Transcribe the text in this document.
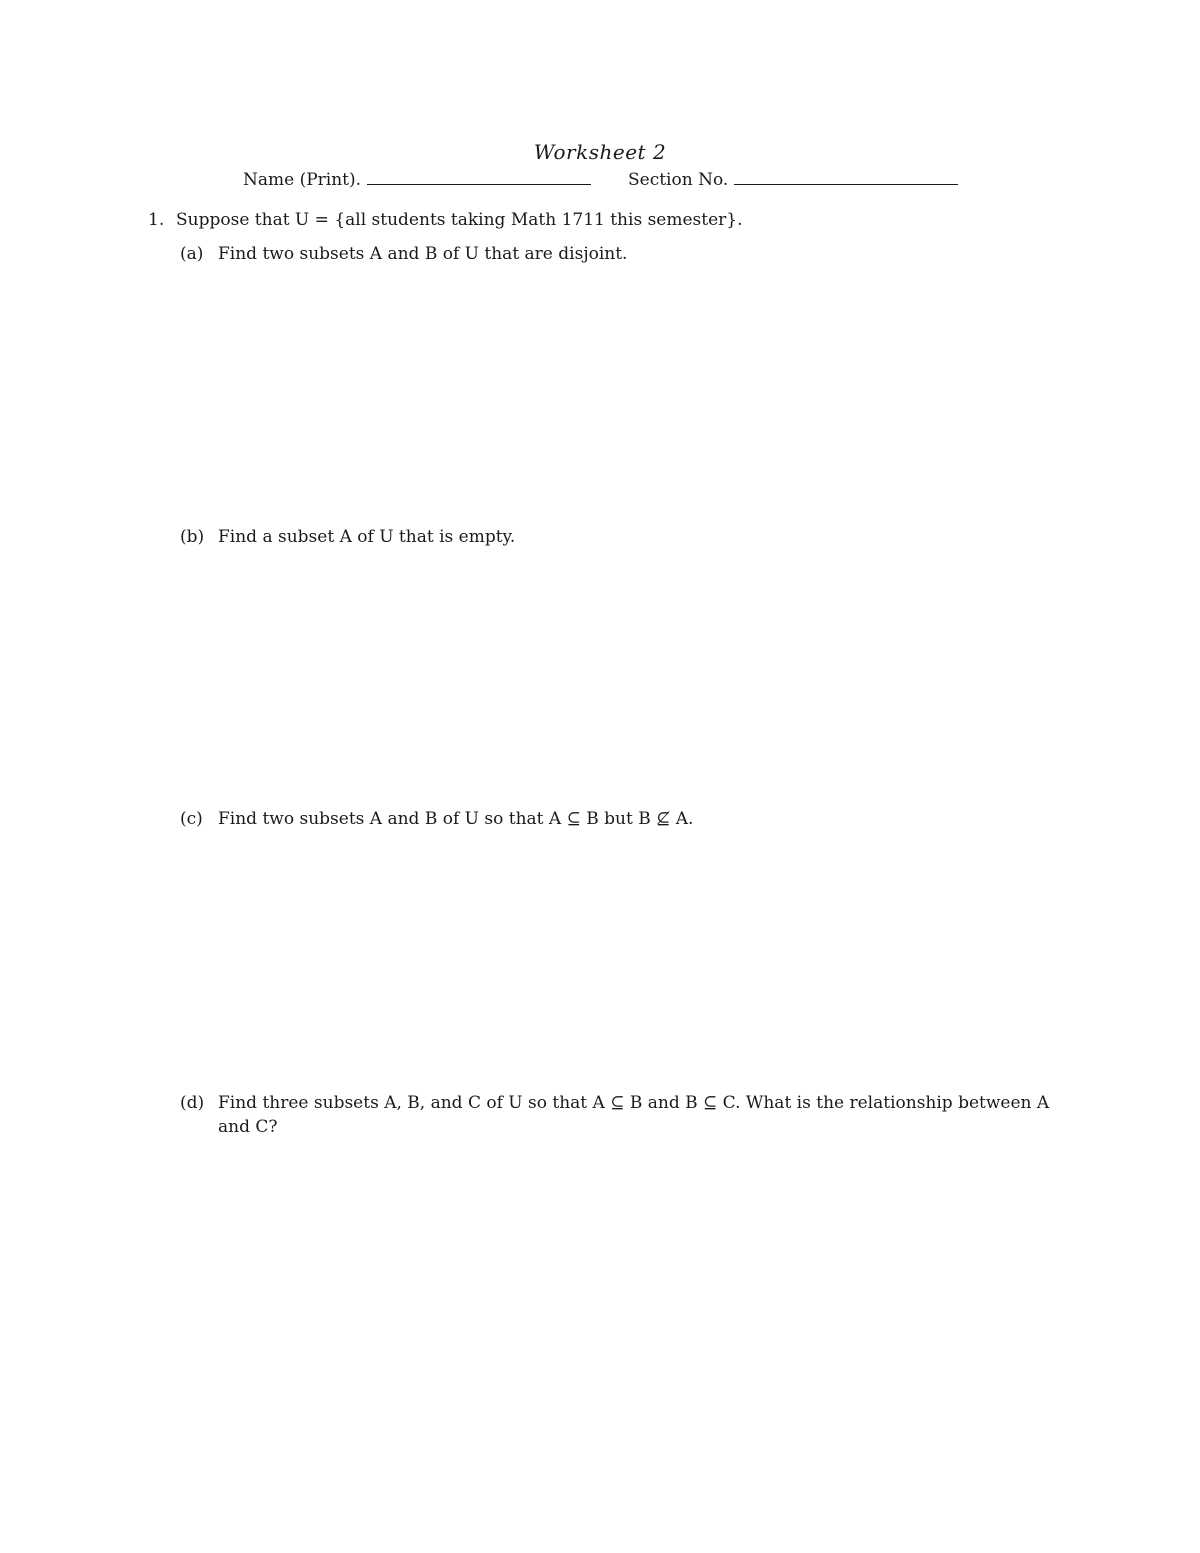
Worksheet 2
Name (Print).	Section No.
1. Suppose that U = {all students taking Math 1711 this semester}.
(a) Find two subsets A and B of U that are disjoint.
(b) Find a subset A of U that is empty.
(c) Find two subsets A and B of U so that A ⊆ B but B ⊈ A.
(d) Find three subsets A, B, and C of U so that A ⊆ B and B ⊆ C. What is the relationship between A and C?
